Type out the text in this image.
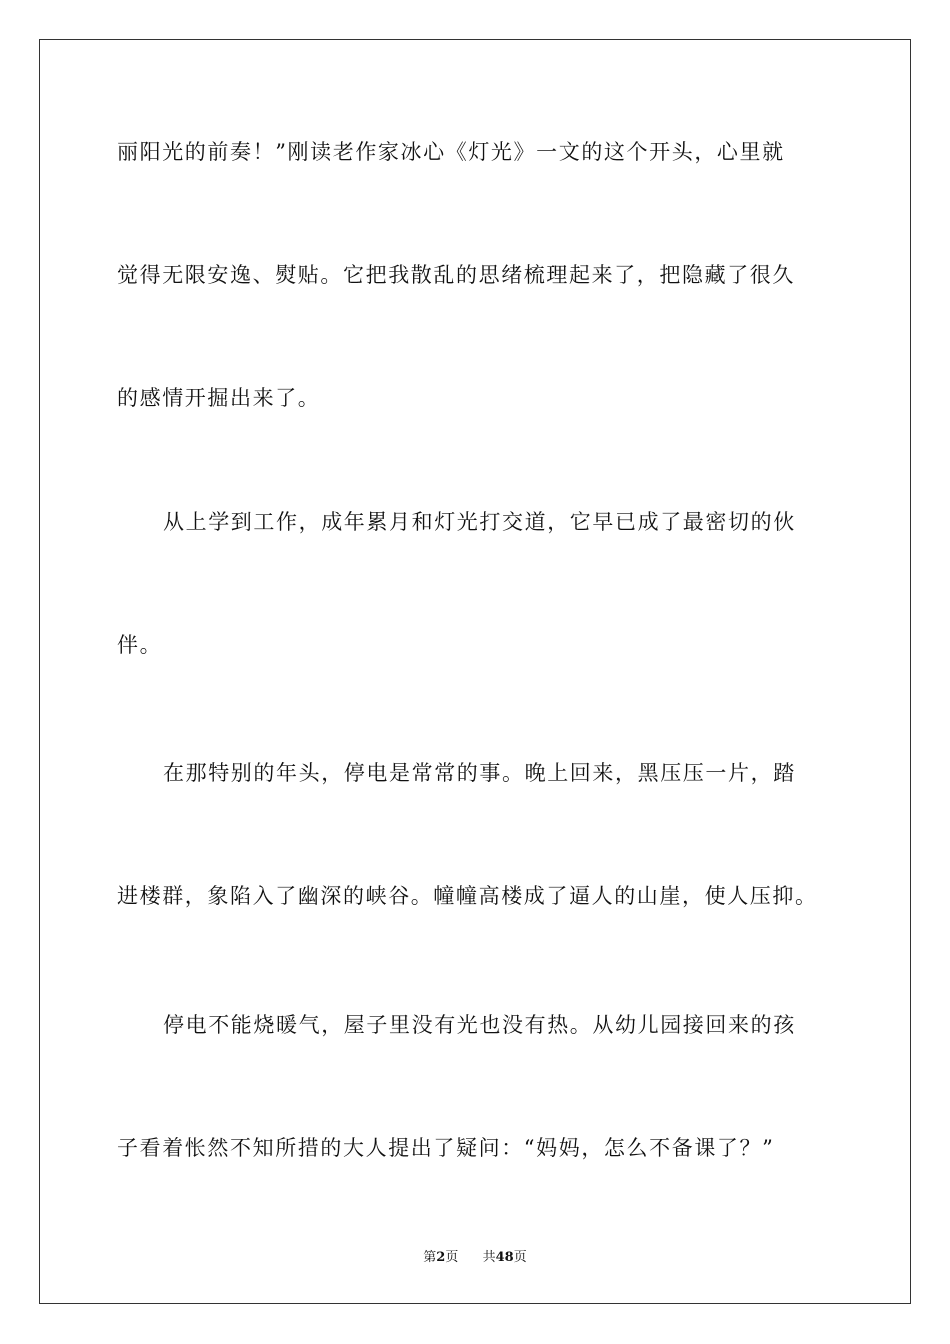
丽阳光的前奏！”刚读老作家冰心《灯光》一文的这个开头，心里就
觉得无限安逸、熨贴。它把我散乱的思绪梳理起来了，把隐藏了很久
的感情开掘出来了。
从上学到工作，成年累月和灯光打交道，它早已成了最密切的伙
伴。
在那特别的年头，停电是常常的事。晚上回来，黑压压一片，踏
进楼群，象陷入了幽深的峡谷。幢幢高楼成了逼人的山崖，使人压抑。
停电不能烧暖气，屋子里没有光也没有热。从幼儿园接回来的孩
子看着怅然不知所措的大人提出了疑问：“妈妈，怎么不备课了？”
第2页 共48页
